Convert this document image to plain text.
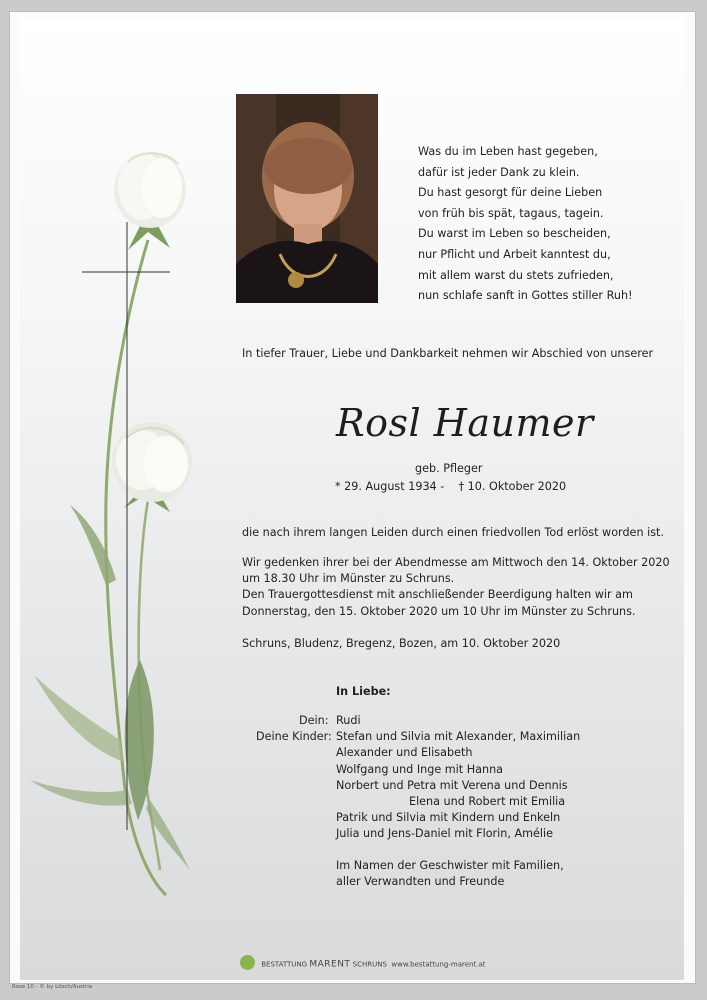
Was du im Leben hast gegeben,
dafür ist jeder Dank zu klein.
Du hast gesorgt für deine Lieben
von früh bis spät, tagaus, tagein.
Du warst im Leben so bescheiden,
nur Pflicht und Arbeit kanntest du,
mit allem warst du stets zufrieden,
nun schlafe sanft in Gottes stiller Ruh!
In tiefer Trauer, Liebe und Dankbarkeit nehmen wir Abschied von unserer
Rosl Haumer
geb. Pfleger
* 29. August 1934 - † 10. Oktober 2020
die nach ihrem langen Leiden durch einen friedvollen Tod erlöst worden ist.
Wir gedenken ihrer bei der Abendmesse am Mittwoch den 14. Oktober 2020
um 18.30 Uhr im Münster zu Schruns.
Den Trauergottesdienst mit anschließender Beerdigung halten wir am
Donnerstag, den 15. Oktober 2020 um 10 Uhr im Münster zu Schruns.
Schruns, Bludenz, Bregenz, Bozen, am 10. Oktober 2020
In Liebe:
Dein: Rudi
Deine Kinder: Stefan und Silvia mit Alexander, Maximilian
Alexander und Elisabeth
Wolfgang und Inge mit Hanna
Norbert und Petra mit Verena und Dennis
Elena und Robert mit Emilia
Patrik und Silvia mit Kindern und Enkeln
Julia und Jens-Daniel mit Florin, Amélie
Im Namen der Geschwister mit Familien,
aller Verwandten und Freunde
BESTATTUNG MARENT SCHRUNS www.bestattung-marent.at
Rose 10 - © by Lösch/Austria
